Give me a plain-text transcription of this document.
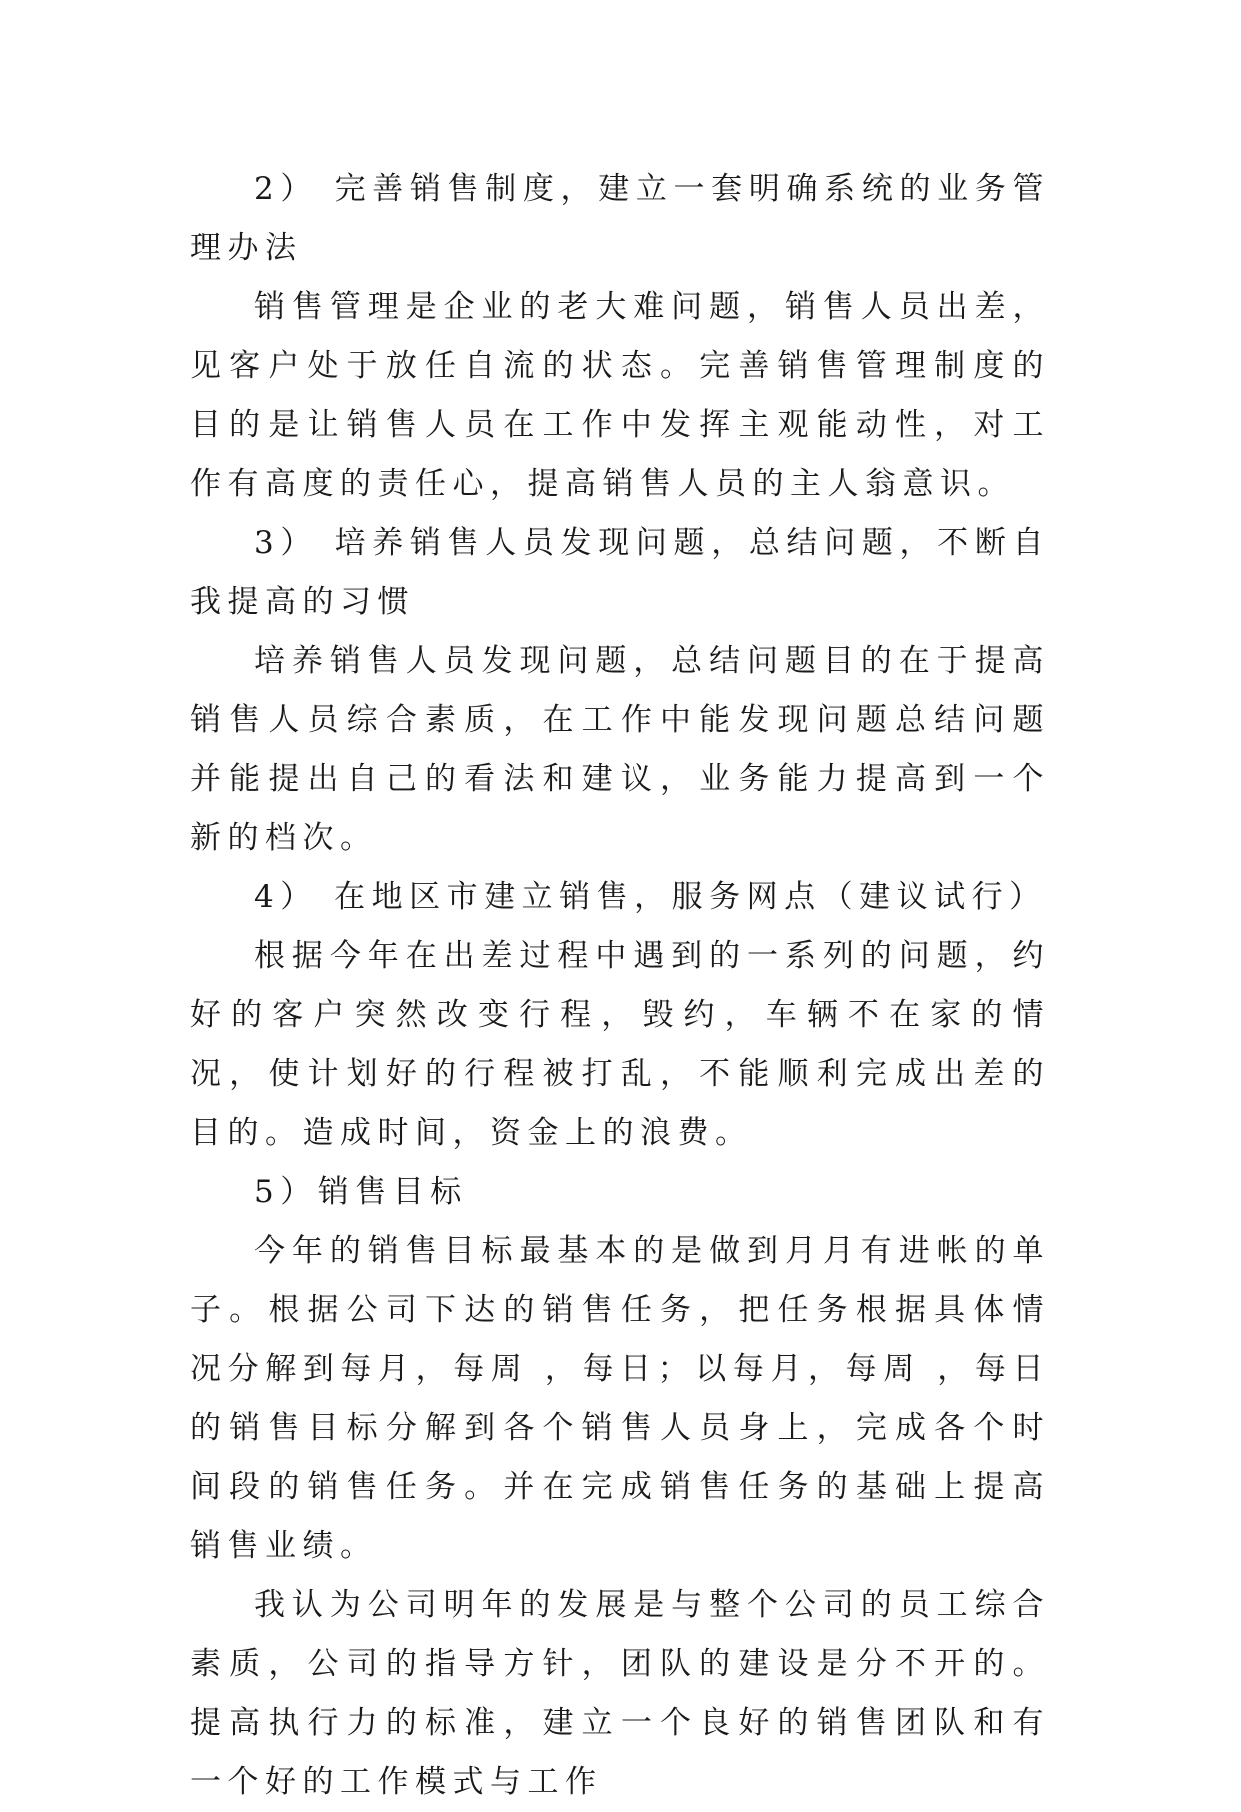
2） 完善销售制度，建立一套明确系统的业务管理办法

销售管理是企业的老大难问题，销售人员出差，见客户处于放任自流的状态。完善销售管理制度的目的是让销售人员在工作中发挥主观能动性，对工作有高度的责任心，提高销售人员的主人翁意识。

3） 培养销售人员发现问题，总结问题，不断自我提高的习惯

培养销售人员发现问题，总结问题目的在于提高销售人员综合素质，在工作中能发现问题总结问题并能提出自己的看法和建议，业务能力提高到一个新的档次。

4） 在地区市建立销售，服务网点（建议试行）

根据今年在出差过程中遇到的一系列的问题，约好的客户突然改变行程，毁约，车辆不在家的情况，使计划好的行程被打乱，不能顺利完成出差的目的。造成时间，资金上的浪费。

5）销售目标

今年的销售目标最基本的是做到月月有进帐的单子。根据公司下达的销售任务，把任务根据具体情况分解到每月，每周 ，每日；以每月，每周 ，每日的销售目标分解到各个销售人员身上，完成各个时间段的销售任务。并在完成销售任务的基础上提高销售业绩。

我认为公司明年的发展是与整个公司的员工综合素质，公司的指导方针，团队的建设是分不开的。提高执行力的标准，建立一个良好的销售团队和有一个好的工作模式与工作
